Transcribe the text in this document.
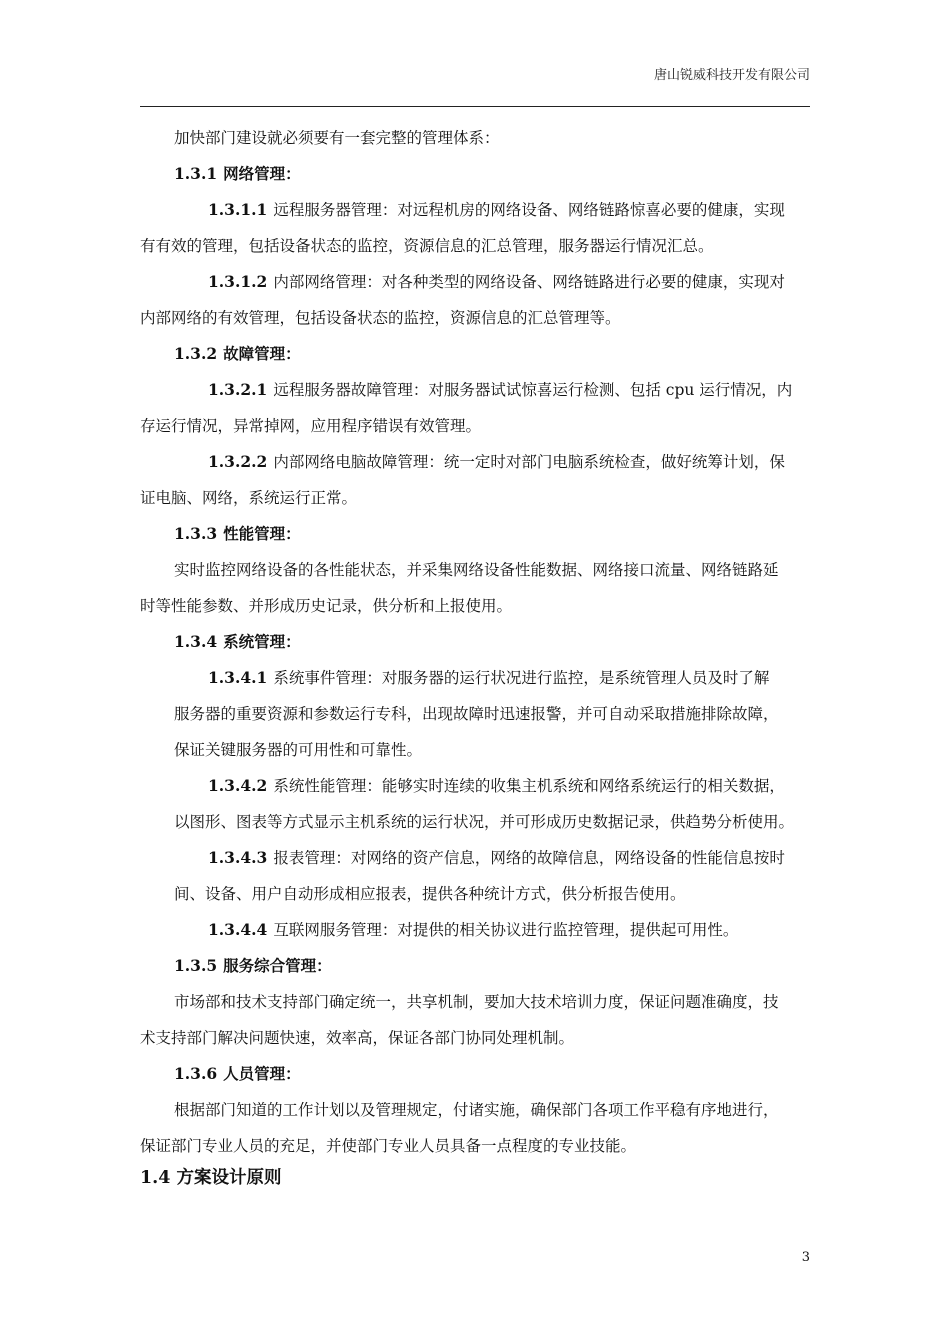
唐山锐威科技开发有限公司
加快部门建设就必须要有一套完整的管理体系：
1.3.1 网络管理：
1.3.1.1 远程服务器管理：对远程机房的网络设备、网络链路惊喜必要的健康，实现
有有效的管理，包括设备状态的监控，资源信息的汇总管理，服务器运行情况汇总。
1.3.1.2 内部网络管理：对各种类型的网络设备、网络链路进行必要的健康，实现对
内部网络的有效管理，包括设备状态的监控，资源信息的汇总管理等。
1.3.2 故障管理：
1.3.2.1 远程服务器故障管理：对服务器试试惊喜运行检测、包括 cpu 运行情况，内
存运行情况，异常掉网，应用程序错误有效管理。
1.3.2.2 内部网络电脑故障管理：统一定时对部门电脑系统检查，做好统筹计划，保
证电脑、网络，系统运行正常。
1.3.3 性能管理：
实时监控网络设备的各性能状态，并采集网络设备性能数据、网络接口流量、网络链路延
时等性能参数、并形成历史记录，供分析和上报使用。
1.3.4 系统管理：
1.3.4.1 系统事件管理：对服务器的运行状况进行监控，是系统管理人员及时了解
服务器的重要资源和参数运行专科，出现故障时迅速报警，并可自动采取措施排除故障，
保证关键服务器的可用性和可靠性。
1.3.4.2 系统性能管理：能够实时连续的收集主机系统和网络系统运行的相关数据，
以图形、图表等方式显示主机系统的运行状况，并可形成历史数据记录，供趋势分析使用。
1.3.4.3 报表管理：对网络的资产信息，网络的故障信息，网络设备的性能信息按时
间、设备、用户自动形成相应报表，提供各种统计方式，供分析报告使用。
1.3.4.4 互联网服务管理：对提供的相关协议进行监控管理，提供起可用性。
1.3.5 服务综合管理：
市场部和技术支持部门确定统一，共享机制，要加大技术培训力度，保证问题准确度，技
术支持部门解决问题快速，效率高，保证各部门协同处理机制。
1.3.6 人员管理：
根据部门知道的工作计划以及管理规定，付诸实施，确保部门各项工作平稳有序地进行，
保证部门专业人员的充足，并使部门专业人员具备一点程度的专业技能。
1.4 方案设计原则
3
